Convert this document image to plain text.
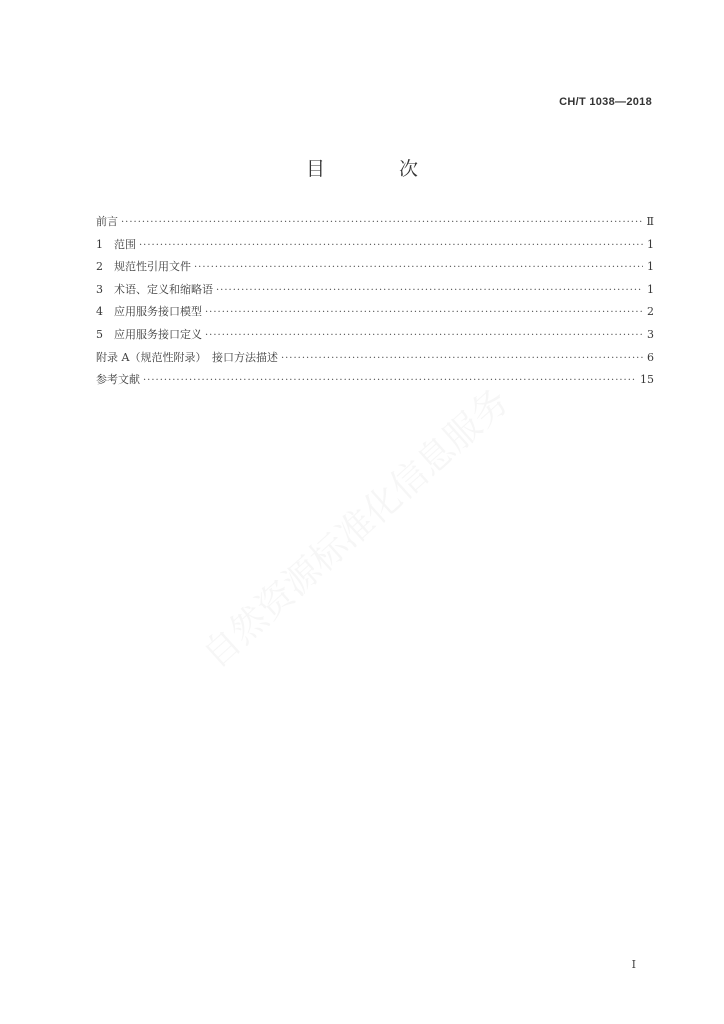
CH/T 1038—2018
目 次
前言 ·····	Ⅱ
1　范围 ·····	1
2　规范性引用文件 ·····	1
3　术语、定义和缩略语 ·····	1
4　应用服务接口模型 ·····	2
5　应用服务接口定义 ·····	3
附录 A（规范性附录）　接口方法描述 ·····	6
参考文献 ·····	15
自然资源标准化信息服务
I
